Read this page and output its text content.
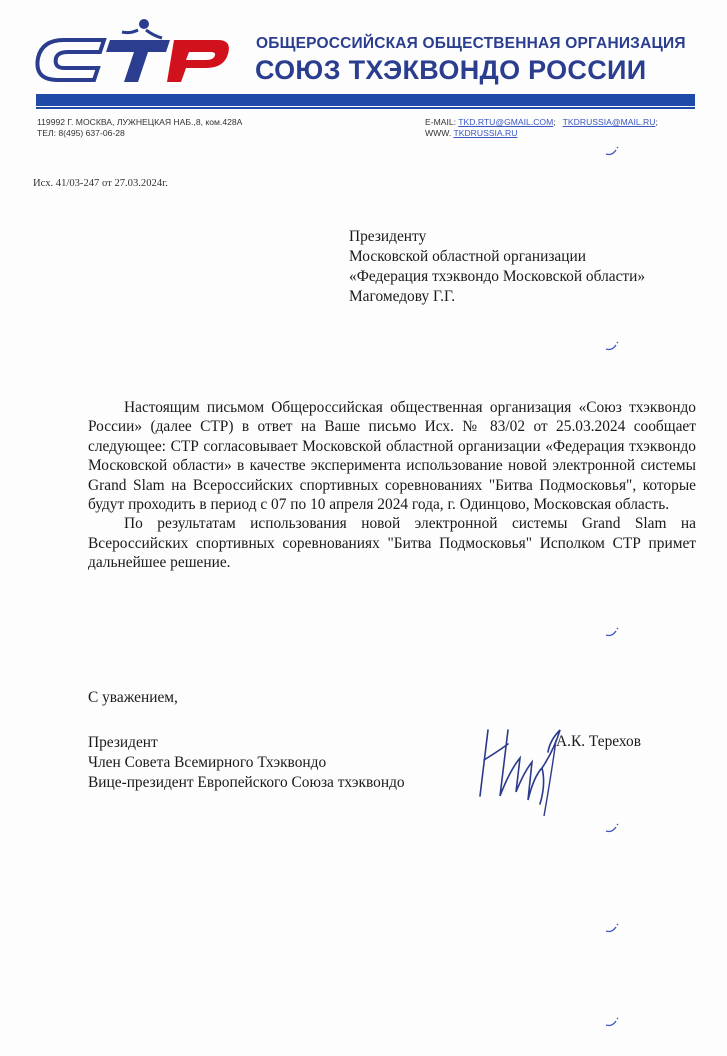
ОБЩЕРОССИЙСКАЯ ОБЩЕСТВЕННАЯ ОРГАНИЗАЦИЯ
СОЮЗ ТХЭКВОНДО РОССИИ
119992 Г. МОСКВА, ЛУЖНЕЦКАЯ НАБ.,8, ком.428А
ТЕЛ: 8(495) 637-06-28
E-MAIL: TKD.RTU@GMAIL.COM; TKDRUSSIA@MAIL.RU;
WWW. TKDRUSSIA.RU
Исх. 41/03-247 от 27.03.2024г.
Президенту
Московской областной организации
«Федерация тхэквондо Московской области»
Магомедову Г.Г.

Настоящим письмом Общероссийская общественная организация «Союз тхэквондо России» (далее СТР) в ответ на Ваше письмо Исх. № 83/02 от 25.03.2024 сообщает следующее: СТР согласовывает Московской областной организации «Федерация тхэквондо Московской области» в качестве эксперимента использование новой электронной системы Grand Slam на Всероссийских спортивных соревнованиях "Битва Подмосковья", которые будут проходить в период с 07 по 10 апреля 2024 года, г. Одинцово, Московская область.

По результатам использования новой электронной системы Grand Slam на Всероссийских спортивных соревнованиях "Битва Подмосковья" Исполком СТР примет дальнейшее решение.

С уважением,
Президент
Член Совета Всемирного Тхэквондо
Вице-президент Европейского Союза тхэквондо
А.К. Терехов
